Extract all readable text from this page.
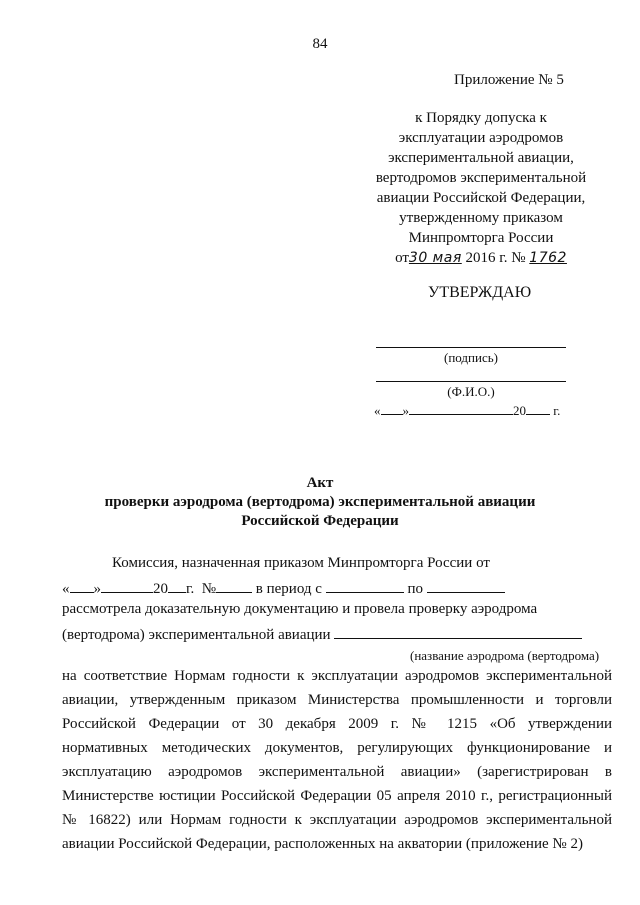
84
Приложение № 5
к Порядку допуска к
эксплуатации аэродромов
экспериментальной авиации,
вертодромов экспериментальной
авиации Российской Федерации,
утвержденному приказом
Минпромторга России
от30 мая 2016 г. № 1762
УТВЕРЖДАЮ
(подпись)
(Ф.И.О.)
« »	20 г.
Акт
проверки аэродрома (вертодрома) экспериментальной авиации
Российской Федерации
Комиссия, назначенная приказом Минпромторга России от
« »	20 г. №	в период с	по
рассмотрела доказательную документацию и провела проверку аэродрома
(вертодрома) экспериментальной авиации
(название аэродрома (вертодрома)
на соответствие Нормам годности к эксплуатации аэродромов экспериментальной
авиации, утвержденным приказом Министерства промышленности и торговли
Российской Федерации от 30 декабря 2009 г. № 1215 «Об утверждении
нормативных методических документов, регулирующих функционирование и
эксплуатацию аэродромов экспериментальной авиации» (зарегистрирован в
Министерстве юстиции Российской Федерации 05 апреля 2010 г., регистрационный
№ 16822) или Нормам годности к эксплуатации аэродромов экспериментальной
авиации Российской Федерации, расположенных на акватории (приложение № 2)
